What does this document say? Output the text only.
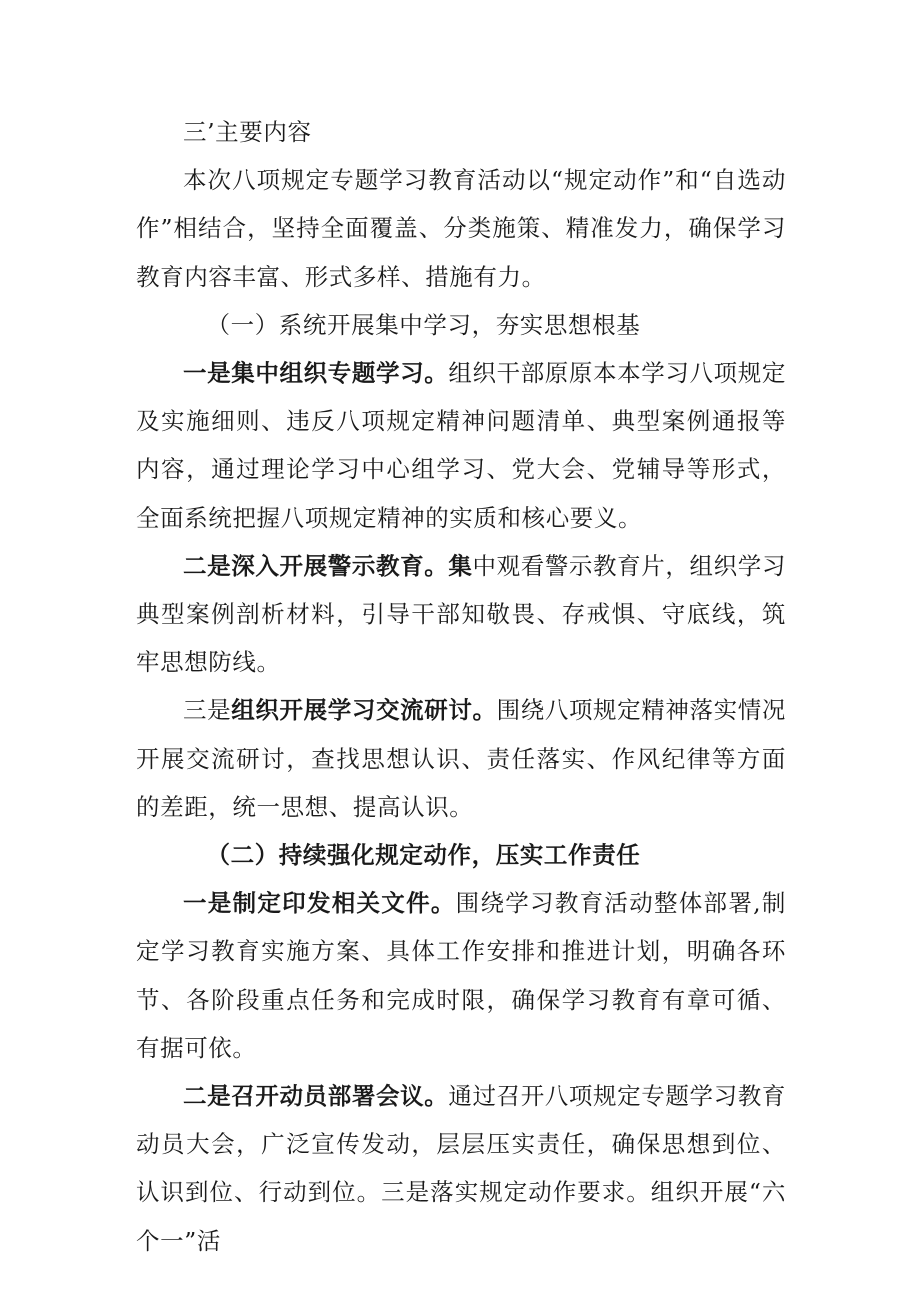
三’主要内容

本次八项规定专题学习教育活动以“规定动作”和“自选动作”相结合，坚持全面覆盖、分类施策、精准发力，确保学习教育内容丰富、形式多样、措施有力。

（一）系统开展集中学习，夯实思想根基

一是集中组织专题学习。组织干部原原本本学习八项规定及实施细则、违反八项规定精神问题清单、典型案例通报等内容，通过理论学习中心组学习、党大会、党辅导等形式，全面系统把握八项规定精神的实质和核心要义。

二是深入开展警示教育。集中观看警示教育片，组织学习典型案例剖析材料，引导干部知敬畏、存戒惧、守底线，筑牢思想防线。

三是组织开展学习交流研讨。围绕八项规定精神落实情况开展交流研讨，查找思想认识、责任落实、作风纪律等方面的差距，统一思想、提高认识。

（二）持续强化规定动作，压实工作责任

一是制定印发相关文件。围绕学习教育活动整体部署,制定学习教育实施方案、具体工作安排和推进计划，明确各环节、各阶段重点任务和完成时限，确保学习教育有章可循、有据可依。

二是召开动员部署会议。通过召开八项规定专题学习教育动员大会，广泛宣传发动，层层压实责任，确保思想到位、认识到位、行动到位。三是落实规定动作要求。组织开展“六个一”活
